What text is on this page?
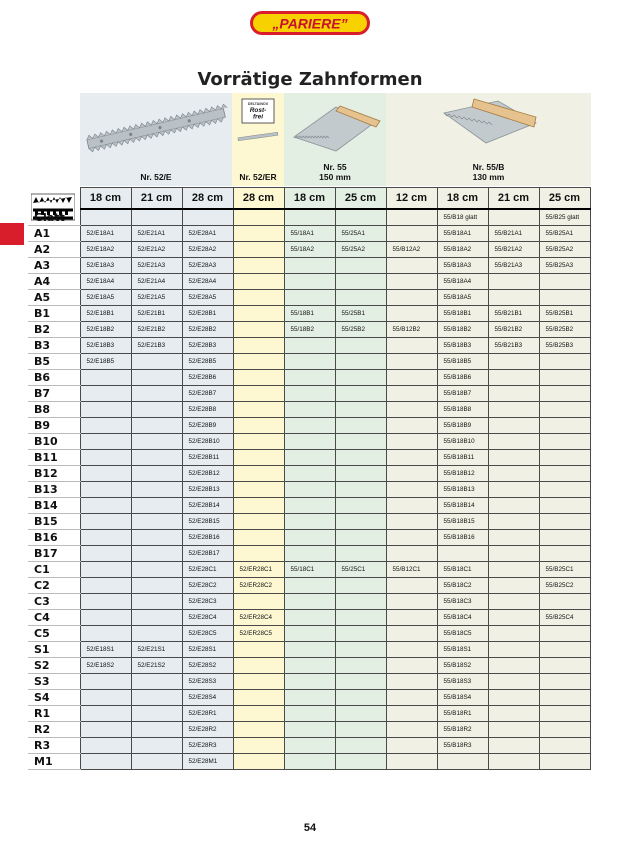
„PARIERE”
Vorrätige Zahnformen
Nr. 52/E
DELTAINOX
Rost-frei
Nr. 52/ER
Nr. 55
150 mm
Nr. 55/B
130 mm
	18 cm	21 cm	28 cm	28 cm	18 cm	25 cm	12 cm	18 cm	21 cm	25 cm
Glatt								55/B18 glatt		55/B25 glatt
A1	52/E18A1	52/E21A1	52/E28A1		55/18A1	55/25A1		55/B18A1	55/B21A1	55/B25A1
A2	52/E18A2	52/E21A2	52/E28A2		55/18A2	55/25A2	55/B12A2	55/B18A2	55/B21A2	55/B25A2
A3	52/E18A3	52/E21A3	52/E28A3					55/B18A3	55/B21A3	55/B25A3
A4	52/E18A4	52/E21A4	52/E28A4					55/B18A4		
A5	52/E18A5	52/E21A5	52/E28A5					55/B18A5		
B1	52/E18B1	52/E21B1	52/E28B1		55/18B1	55/25B1		55/B18B1	55/B21B1	55/B25B1
B2	52/E18B2	52/E21B2	52/E28B2		55/18B2	55/25B2	55/B12B2	55/B18B2	55/B21B2	55/B25B2
B3	52/E18B3	52/E21B3	52/E28B3					55/B18B3	55/B21B3	55/B25B3
B5	52/E18B5		52/E28B5					55/B18B5		
B6			52/E28B6					55/B18B6		
B7			52/E28B7					55/B18B7		
B8			52/E28B8					55/B18B8		
B9			52/E28B9					55/B18B9		
B10			52/E28B10					55/B18B10		
B11			52/E28B11					55/B18B11		
B12			52/E28B12					55/B18B12		
B13			52/E28B13					55/B18B13		
B14			52/E28B14					55/B18B14		
B15			52/E28B15					55/B18B15		
B16			52/E28B16					55/B18B16		
B17			52/E28B17							
C1			52/E28C1	52/ER28C1	55/18C1	55/25C1	55/B12C1	55/B18C1		55/B25C1
C2			52/E28C2	52/ER28C2				55/B18C2		55/B25C2
C3			52/E28C3					55/B18C3		
C4			52/E28C4	52/ER28C4				55/B18C4		55/B25C4
C5			52/E28C5	52/ER28C5				55/B18C5		
S1	52/E18S1	52/E21S1	52/E28S1					55/B18S1		
S2	52/E18S2	52/E21S2	52/E28S2					55/B18S2		
S3			52/E28S3					55/B18S3		
S4			52/E28S4					55/B18S4		
R1			52/E28R1					55/B18R1		
R2			52/E28R2					55/B18R2		
R3			52/E28R3					55/B18R3		
M1			52/E28M1							
54
